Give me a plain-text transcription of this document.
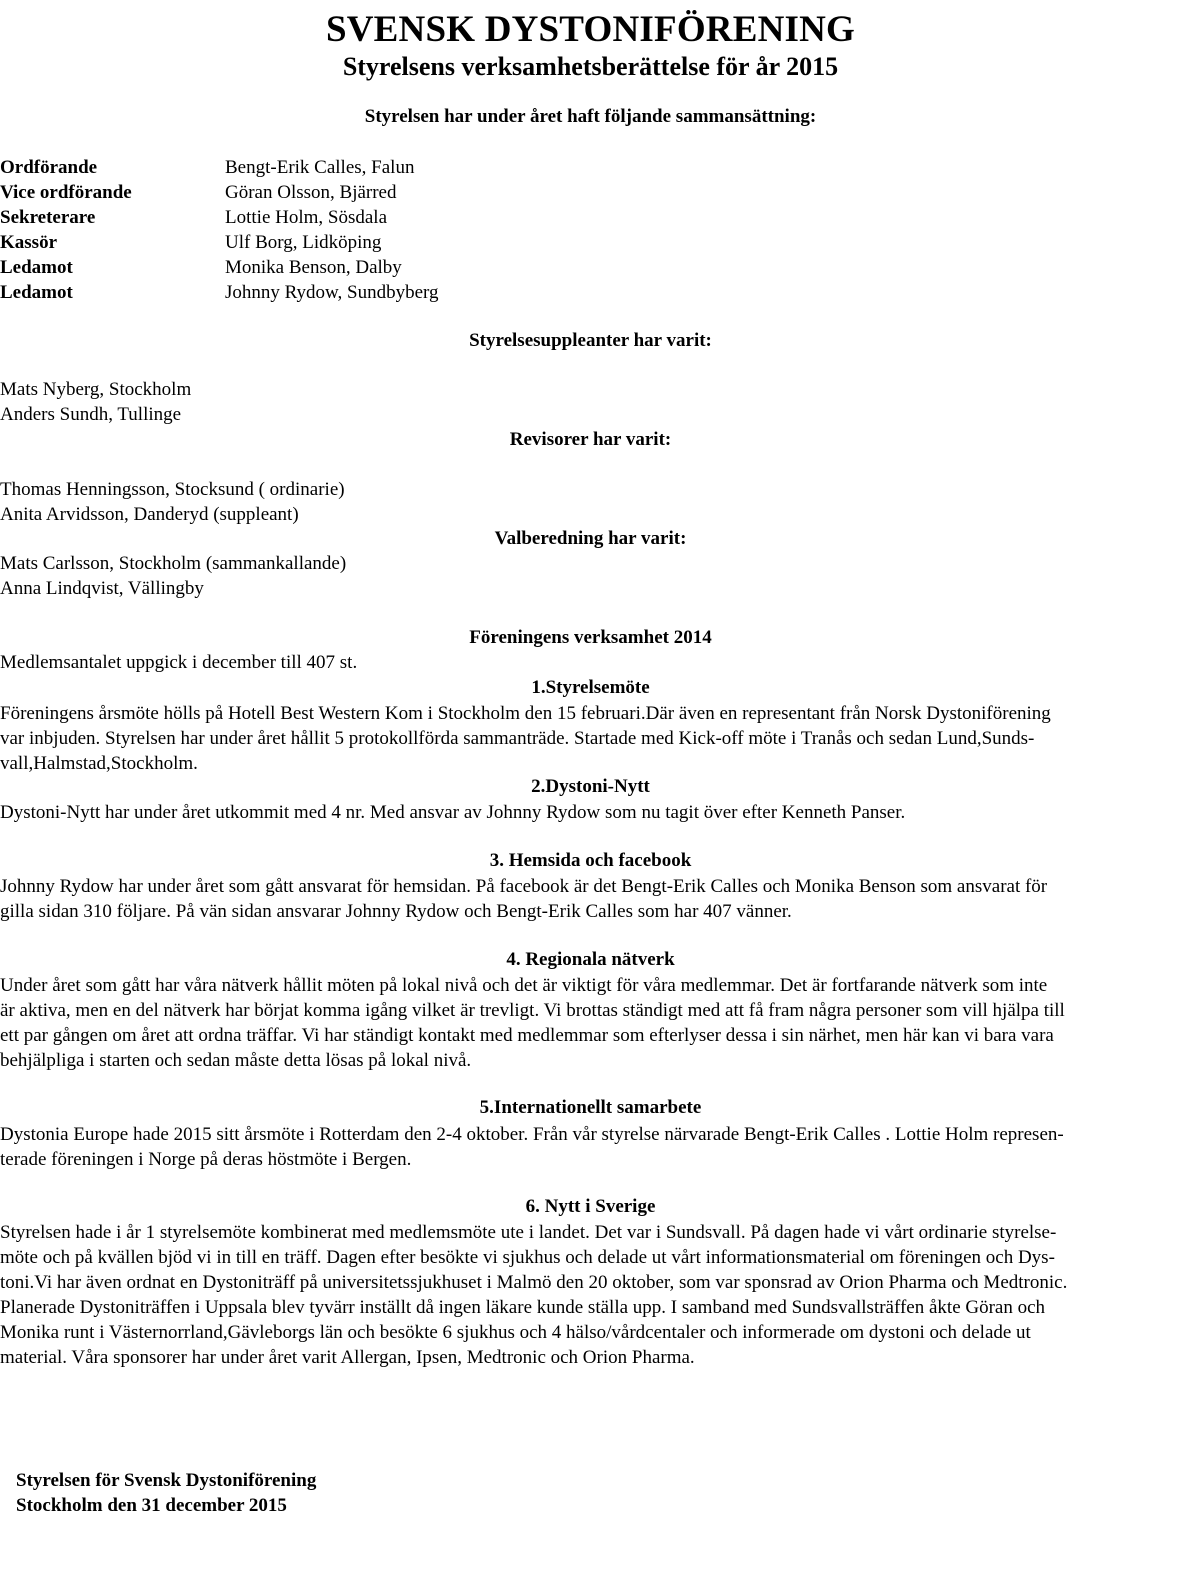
SVENSK DYSTONIFÖRENING
Styrelsens verksamhetsberättelse för år 2015
Styrelsen har under året haft följande sammansättning:
Ordförande	Bengt-Erik Calles, Falun
Vice ordförande	Göran Olsson, Bjärred
Sekreterare	Lottie Holm, Sösdala
Kassör	Ulf Borg, Lidköping
Ledamot	Monika Benson, Dalby
Ledamot	Johnny Rydow, Sundbyberg
Styrelsesuppleanter har varit:
Mats Nyberg, Stockholm
Anders Sundh, Tullinge
Revisorer har varit:
Thomas Henningsson, Stocksund ( ordinarie)
Anita Arvidsson, Danderyd (suppleant)
Valberedning har varit:
Mats Carlsson, Stockholm (sammankallande)
Anna Lindqvist, Vällingby
Föreningens verksamhet 2014
Medlemsantalet uppgick i december till 407 st.
1.Styrelsemöte
Föreningens årsmöte hölls på Hotell Best Western Kom i Stockholm den 15 februari.Där även en representant från Norsk Dystoniförening
var inbjuden. Styrelsen har under året hållit 5 protokollförda sammanträde. Startade med Kick-off möte i Tranås och sedan Lund,Sunds-
vall,Halmstad,Stockholm.
2.Dystoni-Nytt
Dystoni-Nytt har under året utkommit med 4 nr. Med ansvar av Johnny Rydow som nu tagit över efter Kenneth Panser.
3. Hemsida och facebook
Johnny Rydow har under året som gått ansvarat för hemsidan. På facebook är det Bengt-Erik Calles och Monika Benson som ansvarat för
gilla sidan 310 följare. På vän sidan ansvarar Johnny Rydow och Bengt-Erik Calles som har 407 vänner.
4. Regionala nätverk
Under året som gått har våra nätverk hållit möten på lokal nivå och det är viktigt för våra medlemmar. Det är fortfarande nätverk som inte
är aktiva, men en del nätverk har börjat komma igång vilket är trevligt. Vi brottas ständigt med att få fram några personer som vill hjälpa till
ett par gången om året att ordna träffar. Vi har ständigt kontakt med medlemmar som efterlyser dessa i sin närhet, men här kan vi bara vara
behjälpliga i starten och sedan måste detta lösas på lokal nivå.
5.Internationellt samarbete
Dystonia Europe hade 2015 sitt årsmöte i Rotterdam den 2-4 oktober. Från vår styrelse närvarade Bengt-Erik Calles . Lottie Holm represen-
terade föreningen i Norge på deras höstmöte i Bergen.
6. Nytt i Sverige
Styrelsen hade i år 1 styrelsemöte kombinerat med medlemsmöte ute i landet. Det var i Sundsvall. På dagen hade vi vårt ordinarie styrelse-
möte och på kvällen bjöd vi in till en träff. Dagen efter besökte vi sjukhus och delade ut vårt informationsmaterial om föreningen och Dys-
toni.Vi har även ordnat en Dystoniträff på universitetssjukhuset i Malmö den 20 oktober, som var sponsrad av Orion Pharma och Medtronic.
Planerade Dystoniträffen i Uppsala blev tyvärr inställt då ingen läkare kunde ställa upp. I samband med Sundsvallsträffen åkte Göran och
Monika runt i Västernorrland,Gävleborgs län och besökte 6 sjukhus och 4 hälso/vårdcentaler och informerade om dystoni och delade ut
material. Våra sponsorer har under året varit Allergan, Ipsen, Medtronic och Orion Pharma.
Styrelsen för Svensk Dystoniförening
Stockholm den 31 december 2015
